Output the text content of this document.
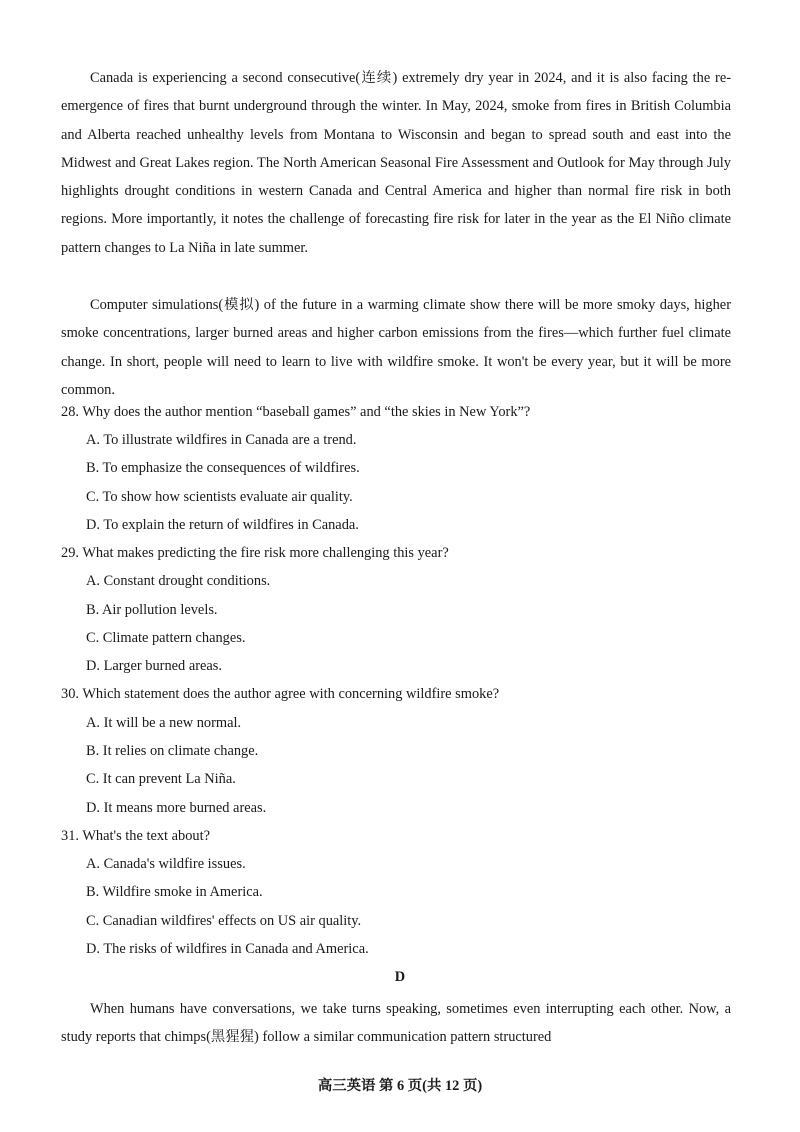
Canada is experiencing a second consecutive(连续) extremely dry year in 2024, and it is also facing the re-emergence of fires that burnt underground through the winter. In May, 2024, smoke from fires in British Columbia and Alberta reached unhealthy levels from Montana to Wisconsin and began to spread south and east into the Midwest and Great Lakes region. The North American Seasonal Fire Assessment and Outlook for May through July highlights drought conditions in western Canada and Central America and higher than normal fire risk in both regions. More importantly, it notes the challenge of forecasting fire risk for later in the year as the El Niño climate pattern changes to La Niña in late summer.

Computer simulations(模拟) of the future in a warming climate show there will be more smoky days, higher smoke concentrations, larger burned areas and higher carbon emissions from the fires—which further fuel climate change. In short, people will need to learn to live with wildfire smoke. It won't be every year, but it will be more common.

28. Why does the author mention “baseball games” and “the skies in New York”?

A. To illustrate wildfires in Canada are a trend.

B. To emphasize the consequences of wildfires.

C. To show how scientists evaluate air quality.

D. To explain the return of wildfires in Canada.

29. What makes predicting the fire risk more challenging this year?

A. Constant drought conditions.

B. Air pollution levels.

C. Climate pattern changes.

D. Larger burned areas.

30. Which statement does the author agree with concerning wildfire smoke?

A. It will be a new normal.

B. It relies on climate change.

C. It can prevent La Niña.

D. It means more burned areas.

31. What's the text about?

A. Canada's wildfire issues.

B. Wildfire smoke in America.

C. Canadian wildfires' effects on US air quality.

D. The risks of wildfires in Canada and America.

D

When humans have conversations, we take turns speaking, sometimes even interrupting each other. Now, a study reports that chimps(黑猩猩) follow a similar communication pattern structured

高三英语 第 6 页(共 12 页)
